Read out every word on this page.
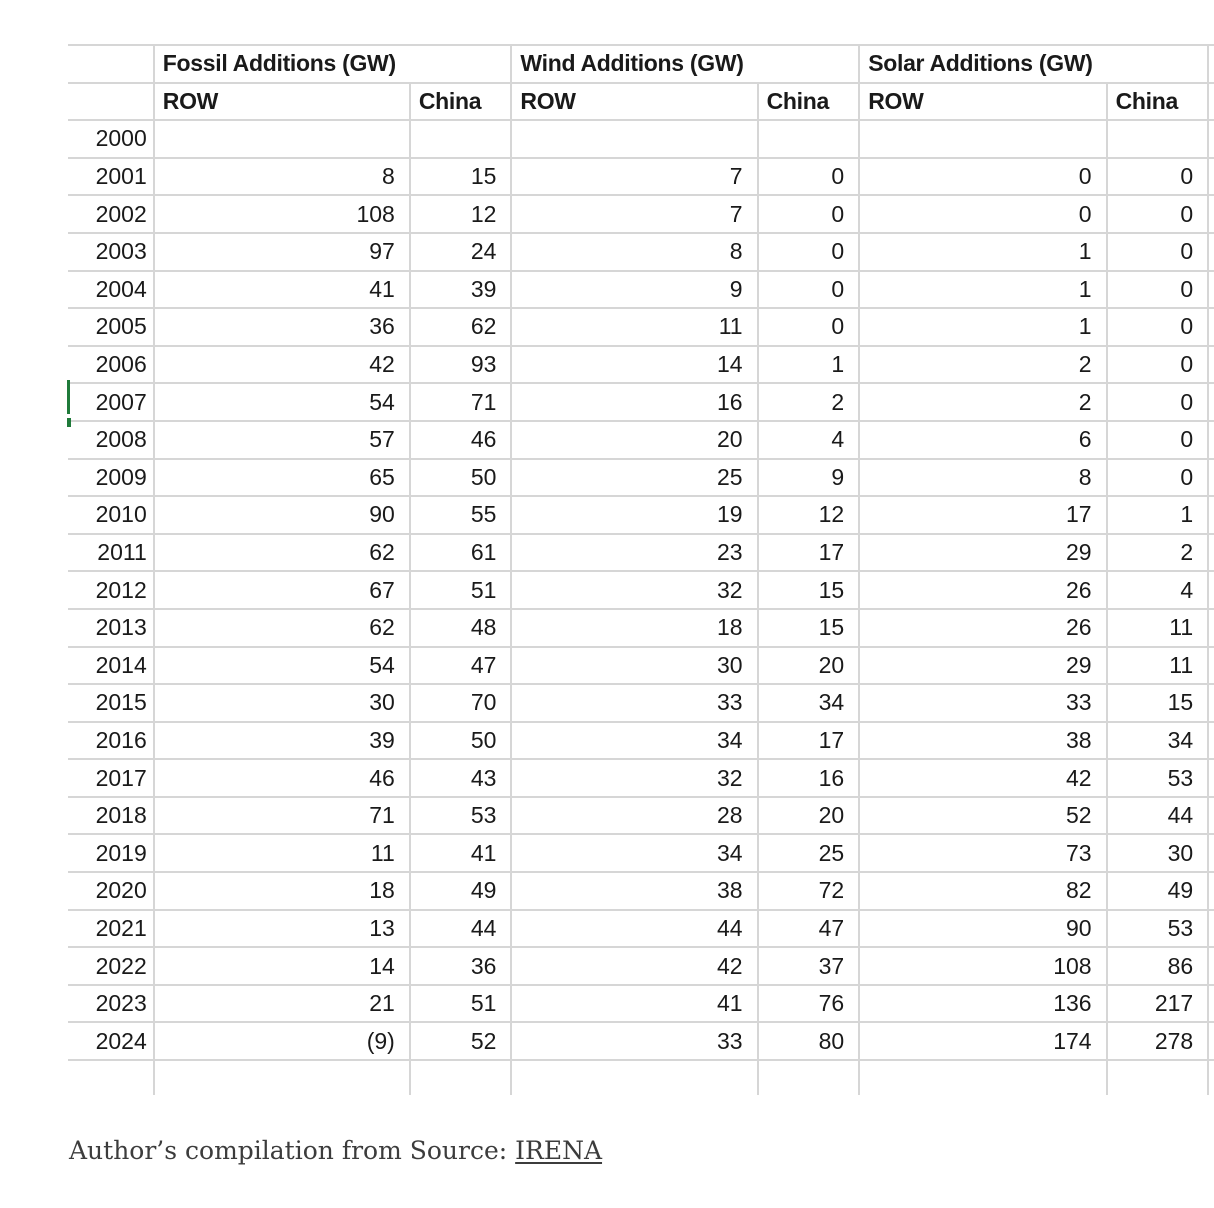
	Fossil Additions (GW)		Wind Additions (GW)		Solar Additions (GW)		
	ROW	China	ROW	China	ROW	China	
2000							
2001	8	15	7	0	0	0	
2002	108	12	7	0	0	0	
2003	97	24	8	0	1	0	
2004	41	39	9	0	1	0	
2005	36	62	11	0	1	0	
2006	42	93	14	1	2	0	
2007	54	71	16	2	2	0	
2008	57	46	20	4	6	0	
2009	65	50	25	9	8	0	
2010	90	55	19	12	17	1	
2011	62	61	23	17	29	2	
2012	67	51	32	15	26	4	
2013	62	48	18	15	26	11	
2014	54	47	30	20	29	11	
2015	30	70	33	34	33	15	
2016	39	50	34	17	38	34	
2017	46	43	32	16	42	53	
2018	71	53	28	20	52	44	
2019	11	41	34	25	73	30	
2020	18	49	38	72	82	49	
2021	13	44	44	47	90	53	
2022	14	36	42	37	108	86	
2023	21	51	41	76	136	217	
2024	(9)	52	33	80	174	278	

Author’s compilation from Source: IRENA
